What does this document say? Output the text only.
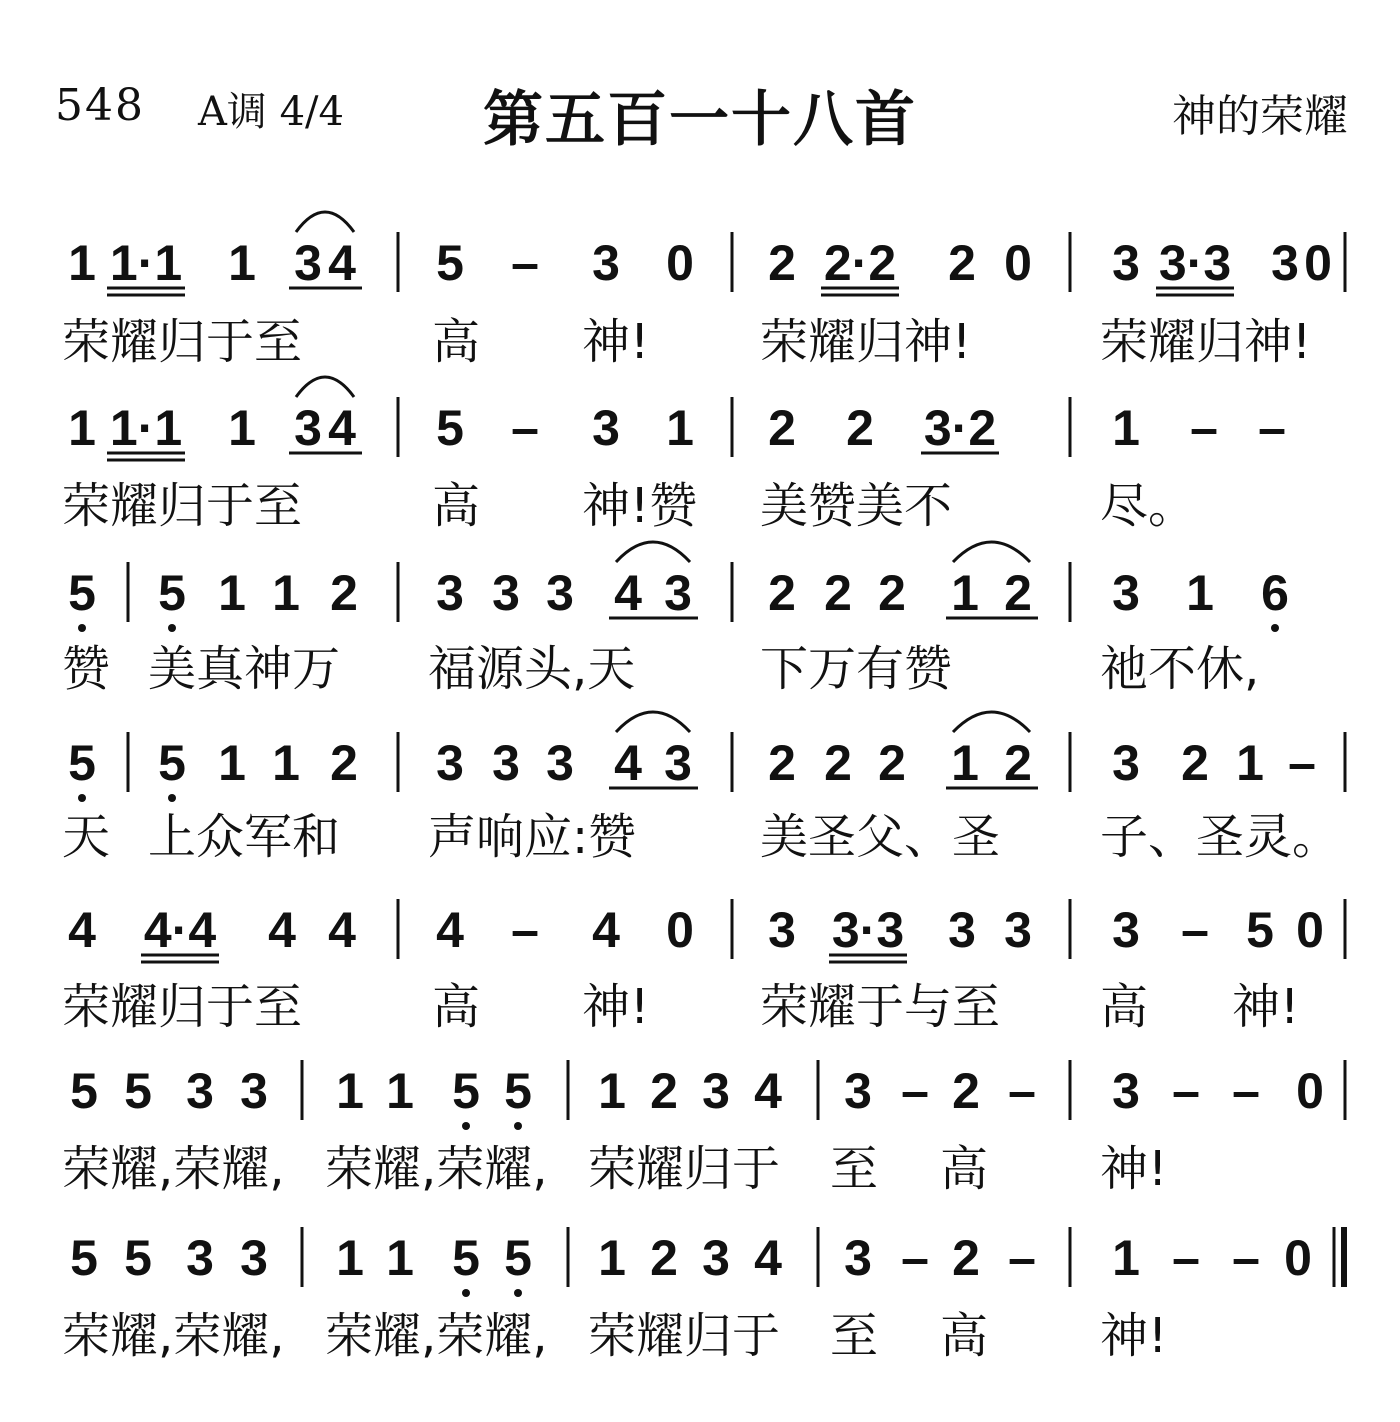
548 A调 4/4	第五百一十八首	神的荣耀
1 1·1 1 3 4 5 – 3 0 2 2·2 2 0 3 3·3 3 0
荣耀归于至	高 神! 荣耀归神!	荣耀归神!
1 1·1 1 3 4 5 – 3 1 2 2 3·2 1 – –
荣耀归于至	高 神!赞 美赞美不	尽。
5 5 1 1 2 3 3 3 4 3 2 2 2 1 2 3 1 6
赞 美真神万 福源头,天	下万有赞	祂不休,
5 5 1 1 2 3 3 3 4 3 2 2 2 1 2 3 2 1 –
天 上众军和 声响应:赞	美圣父、圣 子、圣灵。
4 4·4 4 4 4 – 4 0 3 3·3 3 3 3 – 5 0
荣耀归于至	高 神! 荣耀于与至 高 神!
5 5 3 3 1 1 5 5 1 2 3 4 3 – 2 – 3 – – 0
荣耀,荣耀, 荣耀,荣耀, 荣耀归于 至 高 神!
5 5 3 3 1 1 5 5 1 2 3 4 3 – 2 – 1 – – 0
荣耀,荣耀, 荣耀,荣耀, 荣耀归于 至 高 神!
